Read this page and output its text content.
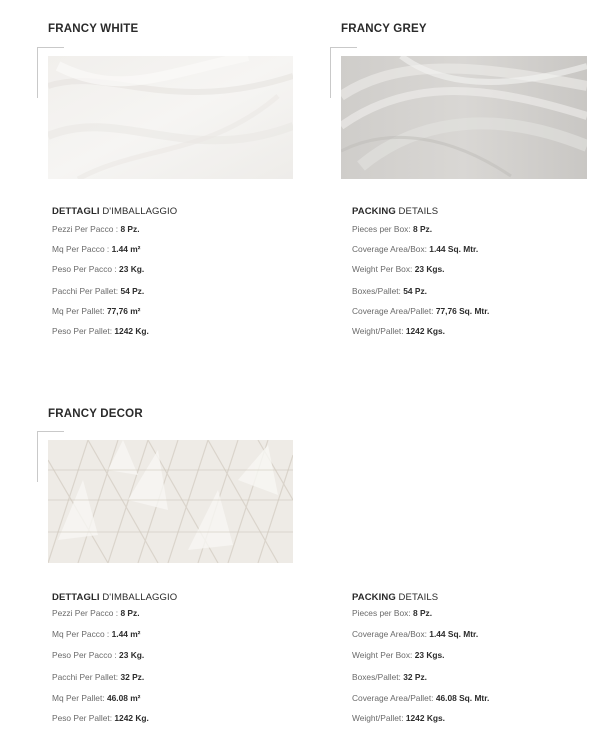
FRANCY WHITE
DETTAGLI D'IMBALLAGGIO
Pezzi Per Pacco : 8 Pz.
Mq Per Pacco : 1.44 m²
Peso Per Pacco : 23 Kg.
Pacchi Per Pallet: 54 Pz.
Mq Per Pallet: 77,76 m²
Peso Per Pallet: 1242 Kg.
FRANCY GREY
PACKING DETAILS
Pieces per Box: 8 Pz.
Coverage Area/Box: 1.44 Sq. Mtr.
Weight Per Box: 23 Kgs.
Boxes/Pallet: 54 Pz.
Coverage Area/Pallet: 77,76 Sq. Mtr.
Weight/Pallet: 1242 Kgs.
FRANCY DECOR
DETTAGLI D'IMBALLAGGIO
Pezzi Per Pacco : 8 Pz.
Mq Per Pacco : 1.44 m²
Peso Per Pacco : 23 Kg.
Pacchi Per Pallet: 32 Pz.
Mq Per Pallet: 46.08 m²
Peso Per Pallet: 1242 Kg.
PACKING DETAILS
Pieces per Box: 8 Pz.
Coverage Area/Box: 1.44 Sq. Mtr.
Weight Per Box: 23 Kgs.
Boxes/Pallet: 32 Pz.
Coverage Area/Pallet: 46.08 Sq. Mtr.
Weight/Pallet: 1242 Kgs.
